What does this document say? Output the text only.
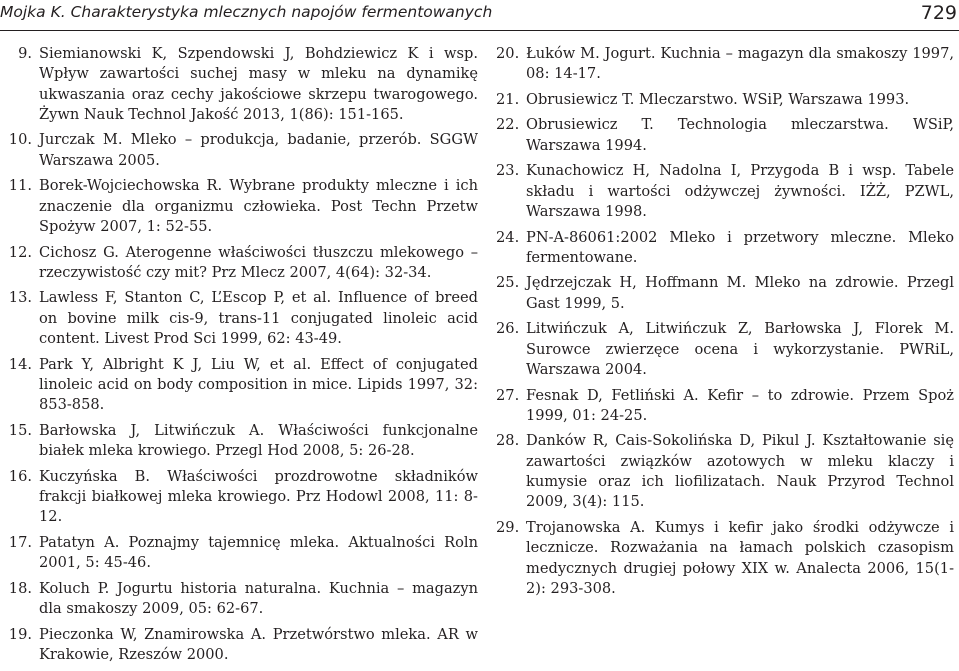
Mojka K. Charakterystyka mlecznych napojów fermentowanych	729
9. Siemianowski K, Szpendowski J, Bohdziewicz K i wsp. Wpływ zawartości suchej masy w mleku na dynamikę ukwaszania oraz cechy jakościowe skrzepu twarogowego. Żywn Nauk Technol Jakość 2013, 1(86): 151-165.
10. Jurczak M. Mleko – produkcja, badanie, przerób. SGGW Warszawa 2005.
11. Borek-Wojciechowska R. Wybrane produkty mleczne i ich znaczenie dla organizmu człowieka. Post Techn Przetw Spożyw 2007, 1: 52-55.
12. Cichosz G. Aterogenne właściwości tłuszczu mlekowego – rzeczywistość czy mit? Prz Mlecz 2007, 4(64): 32-34.
13. Lawless F, Stanton C, L’Escop P, et al. Influence of breed on bovine milk cis-9, trans-11 conjugated linoleic acid content. Livest Prod Sci 1999, 62: 43-49.
14. Park Y, Albright K J, Liu W, et al. Effect of conjugated linoleic acid on body composition in mice. Lipids 1997, 32: 853-858.
15. Barłowska J, Litwińczuk A. Właściwości funkcjonalne białek mleka krowiego. Przegl Hod 2008, 5: 26-28.
16. Kuczyńska B. Właściwości prozdrowotne składników frakcji białkowej mleka krowiego. Prz Hodowl 2008, 11: 8-12.
17. Patatyn A. Poznajmy tajemnicę mleka. Aktualności Roln 2001, 5: 45-46.
18. Koluch P. Jogurtu historia naturalna. Kuchnia – magazyn dla smakoszy 2009, 05: 62-67.
19. Pieczonka W, Znamirowska A. Przetwórstwo mleka. AR w Krakowie, Rzeszów 2000.
20. Łuków M. Jogurt. Kuchnia – magazyn dla smakoszy 1997, 08: 14-17.
21. Obrusiewicz T. Mleczarstwo. WSiP, Warszawa 1993.
22. Obrusiewicz T. Technologia mleczarstwa. WSiP, Warszawa 1994.
23. Kunachowicz H, Nadolna I, Przygoda B i wsp. Tabele składu i wartości odżywczej żywności. IŻŻ, PZWL, Warszawa 1998.
24. PN-A-86061:2002 Mleko i przetwory mleczne. Mleko fermentowane.
25. Jędrzejczak H, Hoffmann M. Mleko na zdrowie. Przegl Gast 1999, 5.
26. Litwińczuk A, Litwińczuk Z, Barłowska J, Florek M. Surowce zwierzęce ocena i wykorzystanie. PWRiL, Warszawa 2004.
27. Fesnak D, Fetliński A. Kefir – to zdrowie. Przem Spoż 1999, 01: 24-25.
28. Danków R, Cais-Sokolińska D, Pikul J. Kształtowanie się zawartości związków azotowych w mleku klaczy i kumysie oraz ich liofilizatach. Nauk Przyrod Technol 2009, 3(4): 115.
29. Trojanowska A. Kumys i kefir jako środki odżywcze i lecznicze. Rozważania na łamach polskich czasopism medycznych drugiej połowy XIX w. Analecta 2006, 15(1-2): 293-308.
